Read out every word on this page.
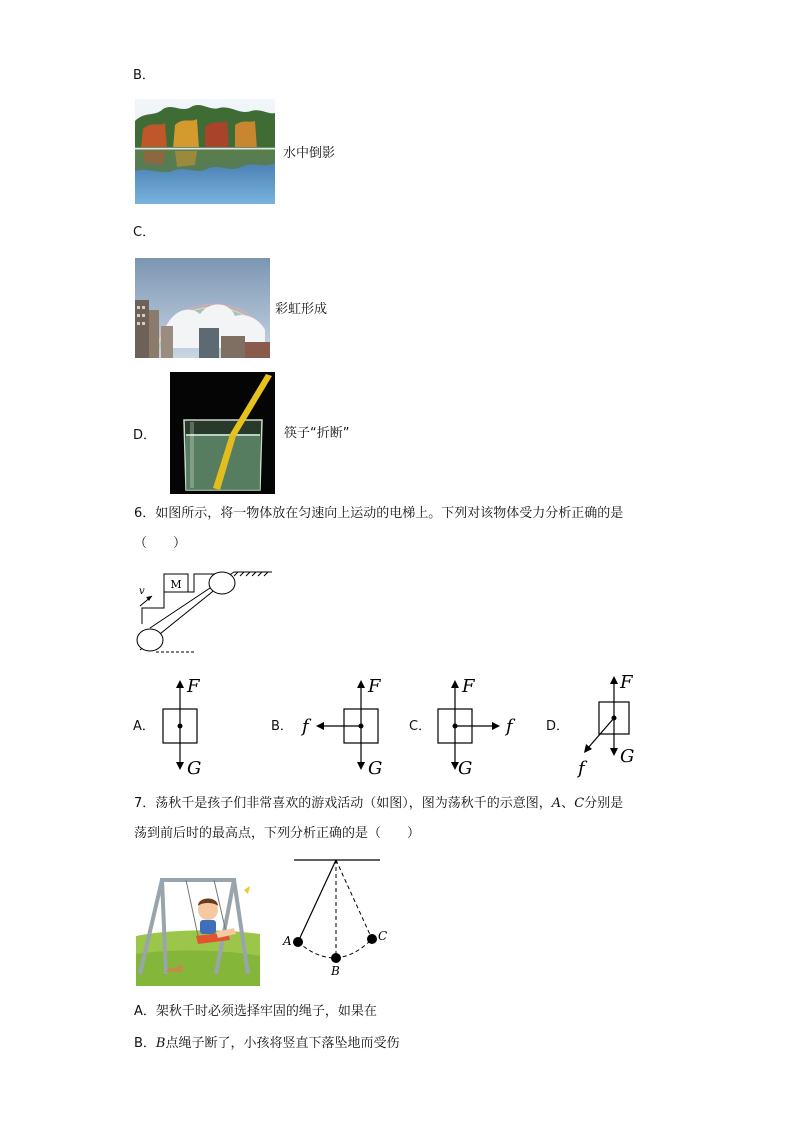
B．
水中倒影
C．
彩虹形成
D．	筷子“折断”
6．如图所示，将一物体放在匀速向上运动的电梯上。下列对该物体受力分析正确的是
（　　）
M
v
A．
F
G
B．
F
G
f	C．
F
G
f	D．
F
G
f
7．荡秋千是孩子们非常喜欢的游戏活动（如图），图为荡秋千的示意图，A、C分别是
荡到前后时的最高点，下列分析正确的是（　　）
A
B
C
A．架秋千时必须选择牢固的绳子，如果在
B．B点绳子断了，小孩将竖直下落坠地而受伤
